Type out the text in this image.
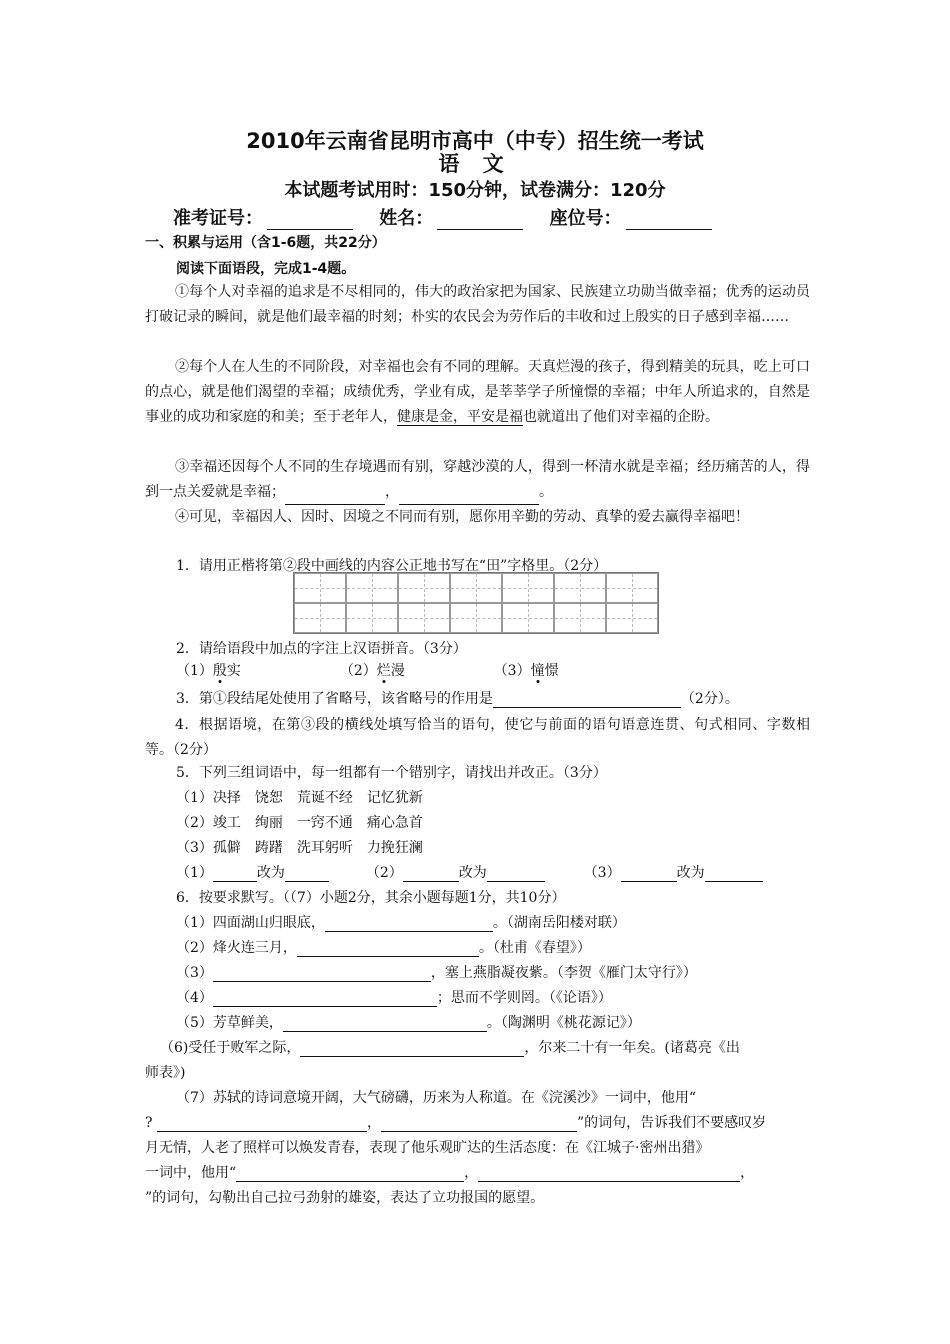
2010年云南省昆明市高中（中专）招生统一考试
语 文
本试题考试用时：150分钟，试卷满分：120分
准考证号：	姓名：	座位号：
一、积累与运用（含1-6题，共22分）
阅读下面语段，完成1-4题。
①每个人对幸福的追求是不尽相同的，伟大的政治家把为国家、民族建立功勋当做幸福；优秀的运动员打破记录的瞬间，就是他们最幸福的时刻；朴实的农民会为劳作后的丰收和过上殷实的日子感到幸福……
②每个人在人生的不同阶段，对幸福也会有不同的理解。天真烂漫的孩子，得到精美的玩具，吃上可口的点心，就是他们渴望的幸福；成绩优秀，学业有成，是莘莘学子所憧憬的幸福；中年人所追求的，自然是事业的成功和家庭的和美；至于老年人，健康是金，平安是福也就道出了他们对幸福的企盼。
③幸福还因每个人不同的生存境遇而有别，穿越沙漠的人，得到一杯清水就是幸福；经历痛苦的人，得到一点关爱就是幸福；	，	。
④可见，幸福因人、因时、因境之不同而有别，愿你用辛勤的劳动、真挚的爱去赢得幸福吧！
1．请用正楷将第②段中画线的内容公正地书写在“田”字格里。（2分）
2．请给语段中加点的字注上汉语拼音。（3分）
（1）殷实	（2）烂漫	（3）憧憬
3．第①段结尾处使用了省略号，该省略号的作用是	（2分）。
4．根据语境，在第③段的横线处填写恰当的语句，使它与前面的语句语意连贯、句式相同、字数相等。（2分）
5．下列三组词语中，每一组都有一个错别字，请找出并改正。（3分）
（1）决择　饶恕　荒诞不经　记忆犹新
（2）竣工　绚丽　一窍不通　痛心急首
（3）孤僻　踌躇　洗耳躬听　力挽狂澜
（1）	改为	（2）	改为	（3）	改为
6．按要求默写。（（7）小题2分，其余小题每题1分，共10分）
（1）四面湖山归眼底，	。（湖南岳阳楼对联）
（2）烽火连三月，	。（杜甫《春望》）
（3）	，塞上燕脂凝夜紫。（李贺《雁门太守行》）
（4）	；思而不学则罔。（《论语》）
（5）芳草鲜美，	。（陶渊明《桃花源记》）
（6)受任于败军之际，	，尔来二十有一年矣。(诸葛亮《出
师表》)
（7）苏轼的诗词意境开阔，大气磅礴，历来为人称道。在《浣溪沙》一词中，他用“
?	，	”的词句，告诉我们不要感叹岁
月无情，人老了照样可以焕发青春，表现了他乐观旷达的生活态度：在《江城子·密州出猎》
一词中，他用“	，	，
”的词句，勾勒出自己拉弓劲射的雄姿，表达了立功报国的愿望。
